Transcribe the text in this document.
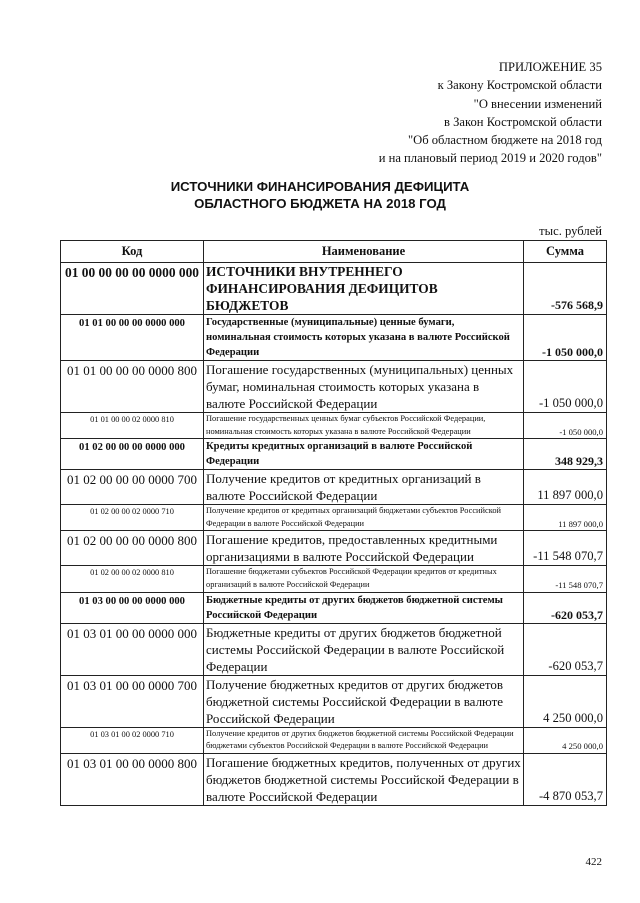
ПРИЛОЖЕНИЕ 35
к Закону Костромской области
"О внесении изменений
в Закон Костромской области
"Об областном бюджете на 2018 год
и на плановый период 2019 и 2020 годов"
ИСТОЧНИКИ ФИНАНСИРОВАНИЯ ДЕФИЦИТА
ОБЛАСТНОГО БЮДЖЕТА НА 2018 ГОД
тыс. рублей
Код	Наименование	Сумма
01 00 00 00 00 0000 000	ИСТОЧНИКИ ВНУТРЕННЕГО ФИНАНСИРОВАНИЯ ДЕФИЦИТОВ БЮДЖЕТОВ	-576 568,9
01 01 00 00 00 0000 000	Государственные (муниципальные) ценные бумаги, номинальная стоимость которых указана в валюте Российской Федерации	-1 050 000,0
01 01 00 00 00 0000 800	Погашение государственных (муниципальных) ценных бумаг, номинальная стоимость которых указана в валюте Российской Федерации	-1 050 000,0
01 01 00 00 02 0000 810	Погашение государственных ценных бумаг субъектов Российской Федерации, номинальная стоимость которых указана в валюте Российской Федерации	-1 050 000,0
01 02 00 00 00 0000 000	Кредиты кредитных организаций в валюте Российской Федерации	348 929,3
01 02 00 00 00 0000 700	Получение кредитов от кредитных организаций в валюте Российской Федерации	11 897 000,0
01 02 00 00 02 0000 710	Получение кредитов от кредитных организаций бюджетами субъектов Российской Федерации в валюте Российской Федерации	11 897 000,0
01 02 00 00 00 0000 800	Погашение кредитов, предоставленных кредитными организациями в валюте Российской Федерации	-11 548 070,7
01 02 00 00 02 0000 810	Погашение бюджетами субъектов Российской Федерации кредитов от кредитных организаций в валюте Российской Федерации	-11 548 070,7
01 03 00 00 00 0000 000	Бюджетные кредиты от других бюджетов бюджетной системы Российской Федерации	-620 053,7
01 03 01 00 00 0000 000	Бюджетные кредиты от других бюджетов бюджетной системы Российской Федерации в валюте Российской Федерации	-620 053,7
01 03 01 00 00 0000 700	Получение бюджетных кредитов от других бюджетов бюджетной системы Российской Федерации в валюте Российской Федерации	4 250 000,0
01 03 01 00 02 0000 710	Получение кредитов от других бюджетов бюджетной системы Российской Федерации бюджетами субъектов Российской Федерации в валюте Российской Федерации	4 250 000,0
01 03 01 00 00 0000 800	Погашение бюджетных кредитов, полученных от других бюджетов бюджетной системы Российской Федерации в валюте Российской Федерации	-4 870 053,7
422
